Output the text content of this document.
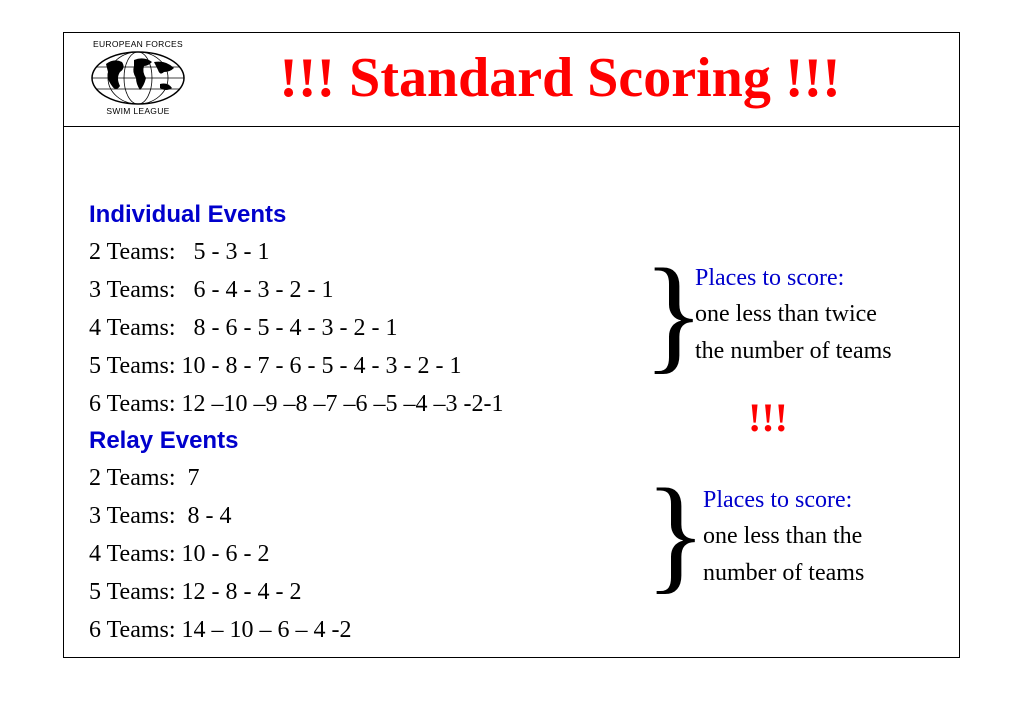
EUROPEAN FORCES
SWIM LEAGUE
!!! Standard Scoring !!!
Individual Events
2 Teams:   5 - 3 - 1
3 Teams:   6 - 4 - 3 - 2 - 1
4 Teams:   8 - 6 - 5 - 4 - 3 - 2 - 1
5 Teams: 10 - 8 - 7 - 6 - 5 - 4 - 3 - 2 - 1
6 Teams: 12 –10 –9 –8 –7 –6 –5 –4 –3 -2-1
Relay Events
2 Teams:  7
3 Teams:  8 - 4
4 Teams: 10 - 6 - 2
5 Teams: 12 - 8 - 4 - 2
6 Teams: 14 – 10 – 6 – 4 -2
}
Places to score:
one less than twice
the number of teams
!!!
}
Places to score:
one less than the
number of teams
